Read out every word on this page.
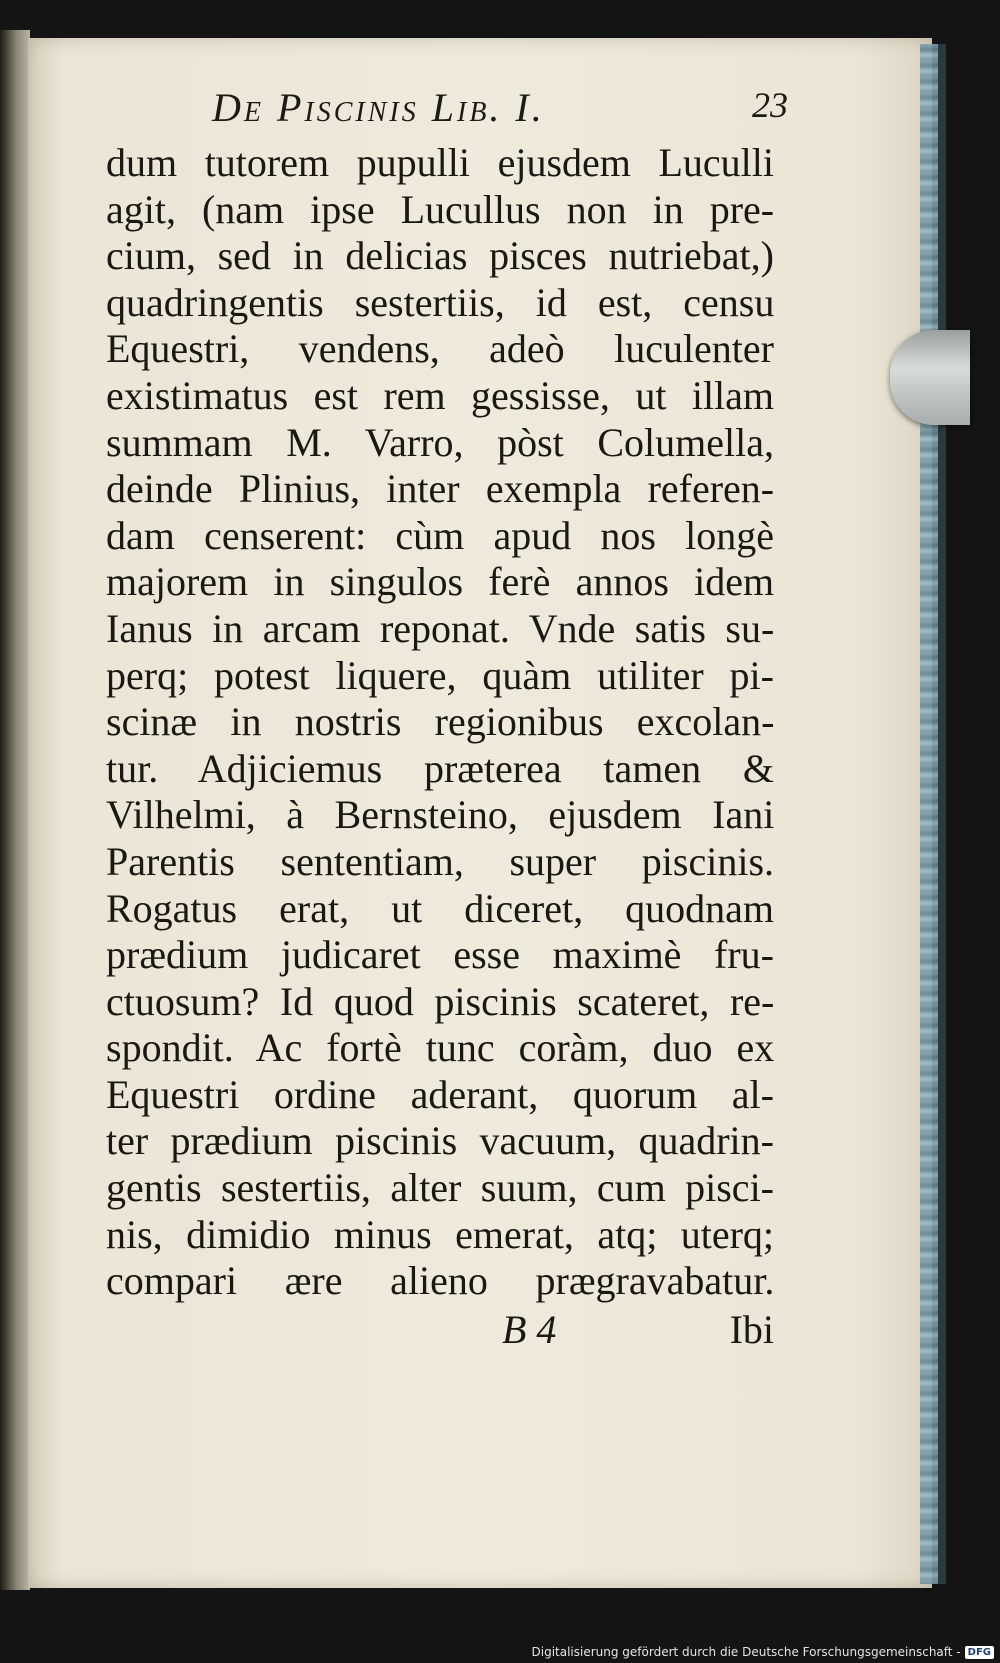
De Piscinis Lib. I.	23
dum tutorem pupulli ejusdem Luculli
agit, (nam ipse Lucullus non in pre-
cium, sed in delicias pisces nutriebat,)
quadringentis sestertiis, id est, censu
Equestri, vendens, adeò luculenter
existimatus est rem gessisse, ut illam
summam M. Varro, pòst Columella,
deinde Plinius, inter exempla referen-
dam censerent: cùm apud nos longè
majorem in singulos ferè annos idem
Ianus in arcam reponat. Vnde satis su-
perq; potest liquere, quàm utiliter pi-
scinæ in nostris regionibus excolan-
tur. Adjiciemus præterea tamen &
Vilhelmi, à Bernsteino, ejusdem Iani
Parentis sententiam, super piscinis.
Rogatus erat, ut diceret, quodnam
prædium judicaret esse maximè fru-
ctuosum? Id quod piscinis scateret, re-
spondit. Ac fortè tunc coràm, duo ex
Equestri ordine aderant, quorum al-
ter prædium piscinis vacuum, quadrin-
gentis sestertiis, alter suum, cum pisci-
nis, dimidio minus emerat, atq; uterq;
compari ære alieno prægravabatur.
B 4	Ibi
Digitalisierung gefördert durch die Deutsche Forschungsgemeinschaft - DFG
